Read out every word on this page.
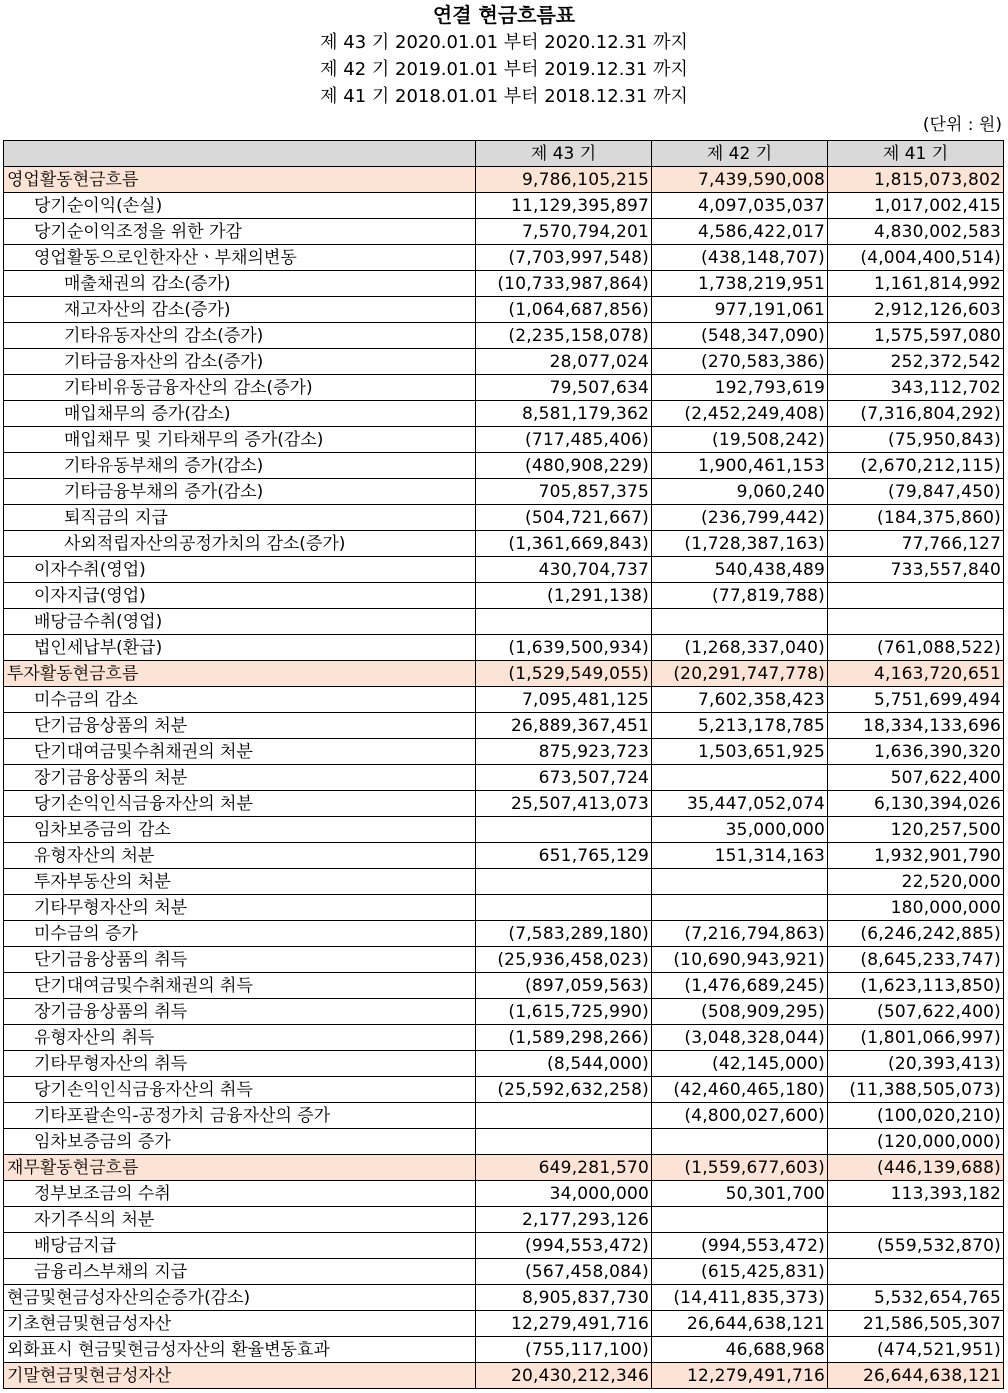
연결 현금흐름표
제 43 기 2020.01.01 부터 2020.12.31 까지
제 42 기 2019.01.01 부터 2019.12.31 까지
제 41 기 2018.01.01 부터 2018.12.31 까지
(단위 : 원)
	제 43 기	제 42 기	제 41 기
영업활동현금흐름	9,786,105,215	7,439,590,008	1,815,073,802
당기순이익(손실)	11,129,395,897	4,097,035,037	1,017,002,415
당기순이익조정을 위한 가감	7,570,794,201	4,586,422,017	4,830,002,583
영업활동으로인한자산ㆍ부채의변동	(7,703,997,548)	(438,148,707)	(4,004,400,514)
매출채권의 감소(증가)	(10,733,987,864)	1,738,219,951	1,161,814,992
재고자산의 감소(증가)	(1,064,687,856)	977,191,061	2,912,126,603
기타유동자산의 감소(증가)	(2,235,158,078)	(548,347,090)	1,575,597,080
기타금융자산의 감소(증가)	28,077,024	(270,583,386)	252,372,542
기타비유동금융자산의 감소(증가)	79,507,634	192,793,619	343,112,702
매입채무의 증가(감소)	8,581,179,362	(2,452,249,408)	(7,316,804,292)
매입채무 및 기타채무의 증가(감소)	(717,485,406)	(19,508,242)	(75,950,843)
기타유동부채의 증가(감소)	(480,908,229)	1,900,461,153	(2,670,212,115)
기타금융부채의 증가(감소)	705,857,375	9,060,240	(79,847,450)
퇴직금의 지급	(504,721,667)	(236,799,442)	(184,375,860)
사외적립자산의공정가치의 감소(증가)	(1,361,669,843)	(1,728,387,163)	77,766,127
이자수취(영업)	430,704,737	540,438,489	733,557,840
이자지급(영업)	(1,291,138)	(77,819,788)	
배당금수취(영업)			
법인세납부(환급)	(1,639,500,934)	(1,268,337,040)	(761,088,522)
투자활동현금흐름	(1,529,549,055)	(20,291,747,778)	4,163,720,651
미수금의 감소	7,095,481,125	7,602,358,423	5,751,699,494
단기금융상품의 처분	26,889,367,451	5,213,178,785	18,334,133,696
단기대여금및수취채권의 처분	875,923,723	1,503,651,925	1,636,390,320
장기금융상품의 처분	673,507,724		507,622,400
당기손익인식금융자산의 처분	25,507,413,073	35,447,052,074	6,130,394,026
임차보증금의 감소		35,000,000	120,257,500
유형자산의 처분	651,765,129	151,314,163	1,932,901,790
투자부동산의 처분			22,520,000
기타무형자산의 처분			180,000,000
미수금의 증가	(7,583,289,180)	(7,216,794,863)	(6,246,242,885)
단기금융상품의 취득	(25,936,458,023)	(10,690,943,921)	(8,645,233,747)
단기대여금및수취채권의 취득	(897,059,563)	(1,476,689,245)	(1,623,113,850)
장기금융상품의 취득	(1,615,725,990)	(508,909,295)	(507,622,400)
유형자산의 취득	(1,589,298,266)	(3,048,328,044)	(1,801,066,997)
기타무형자산의 취득	(8,544,000)	(42,145,000)	(20,393,413)
당기손익인식금융자산의 취득	(25,592,632,258)	(42,460,465,180)	(11,388,505,073)
기타포괄손익-공정가치 금융자산의 증가		(4,800,027,600)	(100,020,210)
임차보증금의 증가			(120,000,000)
재무활동현금흐름	649,281,570	(1,559,677,603)	(446,139,688)
정부보조금의 수취	34,000,000	50,301,700	113,393,182
자기주식의 처분	2,177,293,126		
배당금지급	(994,553,472)	(994,553,472)	(559,532,870)
금융리스부채의 지급	(567,458,084)	(615,425,831)	
현금및현금성자산의순증가(감소)	8,905,837,730	(14,411,835,373)	5,532,654,765
기초현금및현금성자산	12,279,491,716	26,644,638,121	21,586,505,307
외화표시 현금및현금성자산의 환율변동효과	(755,117,100)	46,688,968	(474,521,951)
기말현금및현금성자산	20,430,212,346	12,279,491,716	26,644,638,121
